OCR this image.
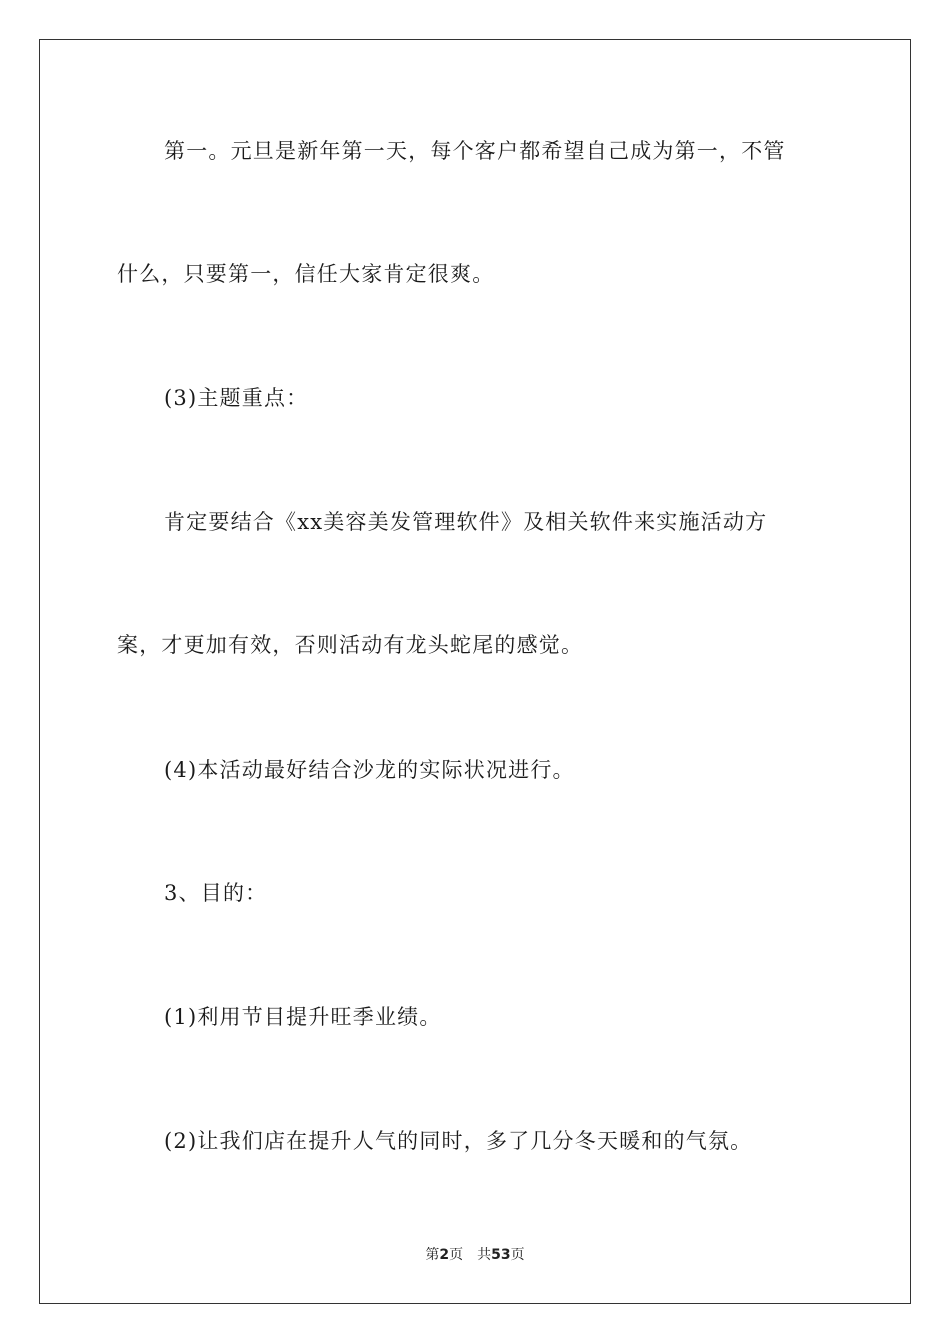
第一。元旦是新年第一天，每个客户都希望自己成为第一，不管
什么，只要第一，信任大家肯定很爽。
(3)主题重点：
肯定要结合《xx美容美发管理软件》及相关软件来实施活动方
案，才更加有效，否则活动有龙头蛇尾的感觉。
(4)本活动最好结合沙龙的实际状况进行。
3、目的：
(1)利用节目提升旺季业绩。
(2)让我们店在提升人气的同时，多了几分冬天暖和的气氛。
第2页 共53页
